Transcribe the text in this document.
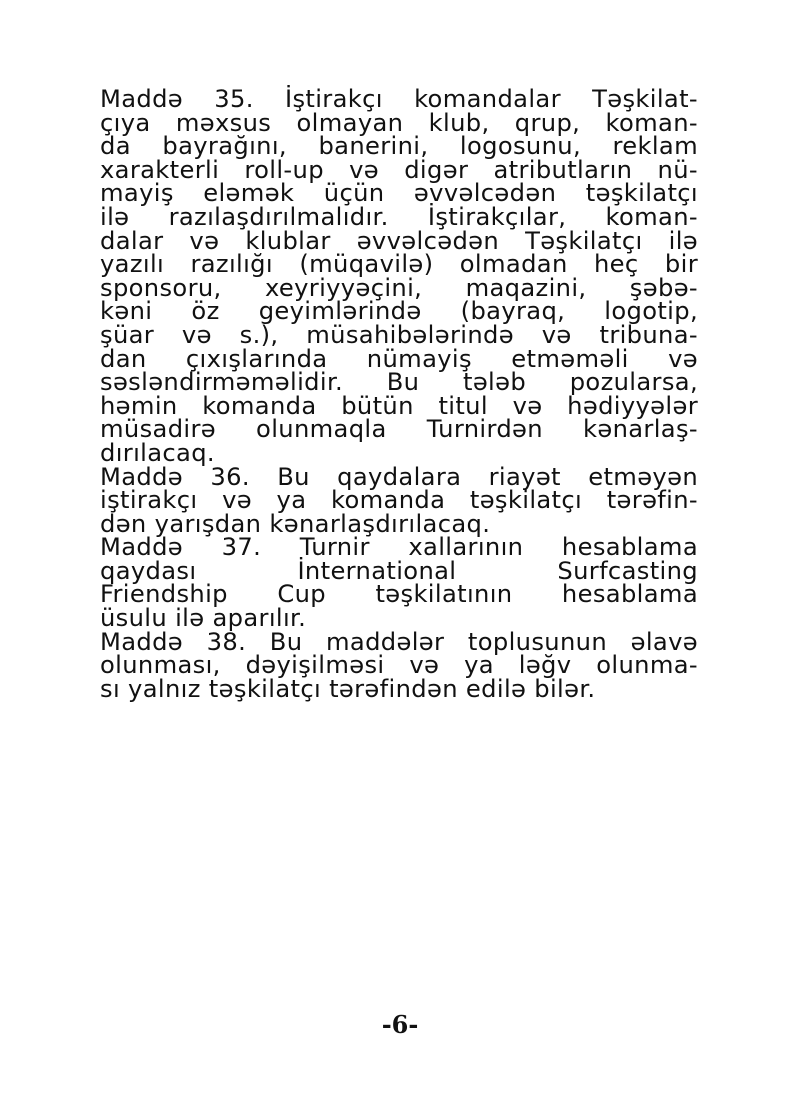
Maddə 35. İştirakçı komandalar Təşkilat-
çıya məxsus olmayan klub, qrup, koman-
da bayrağını, banerini, logosunu, reklam
xarakterli roll-up və digər atributların nü-
mayiş eləmək üçün əvvəlcədən təşkilatçı
ilə razılaşdırılmalıdır. İştirakçılar, koman-
dalar və klublar əvvəlcədən Təşkilatçı ilə
yazılı razılığı (müqavilə) olmadan heç bir
sponsoru, xeyriyyəçini, maqazini, şəbə-
kəni öz geyimlərində (bayraq, logotip,
şüar və s.), müsahibələrində və tribuna-
dan çıxışlarında nümayiş etməməli və
səsləndirməməlidir. Bu tələb pozularsa,
həmin komanda bütün titul və hədiyyələr
müsadirə olunmaqla Turnirdən kənarlaş-
dırılacaq.
Maddə 36. Bu qaydalara riayət etməyən
iştirakçı və ya komanda təşkilatçı tərəfin-
dən yarışdan kənarlaşdırılacaq.
Maddə 37. Turnir xallarının hesablama
qaydası İnternational Surfcasting
Friendship Cup təşkilatının hesablama
üsulu ilə aparılır.
Maddə 38. Bu maddələr toplusunun əlavə
olunması, dəyişilməsi və ya ləğv olunma-
sı yalnız təşkilatçı tərəfindən edilə bilər.
-6-
